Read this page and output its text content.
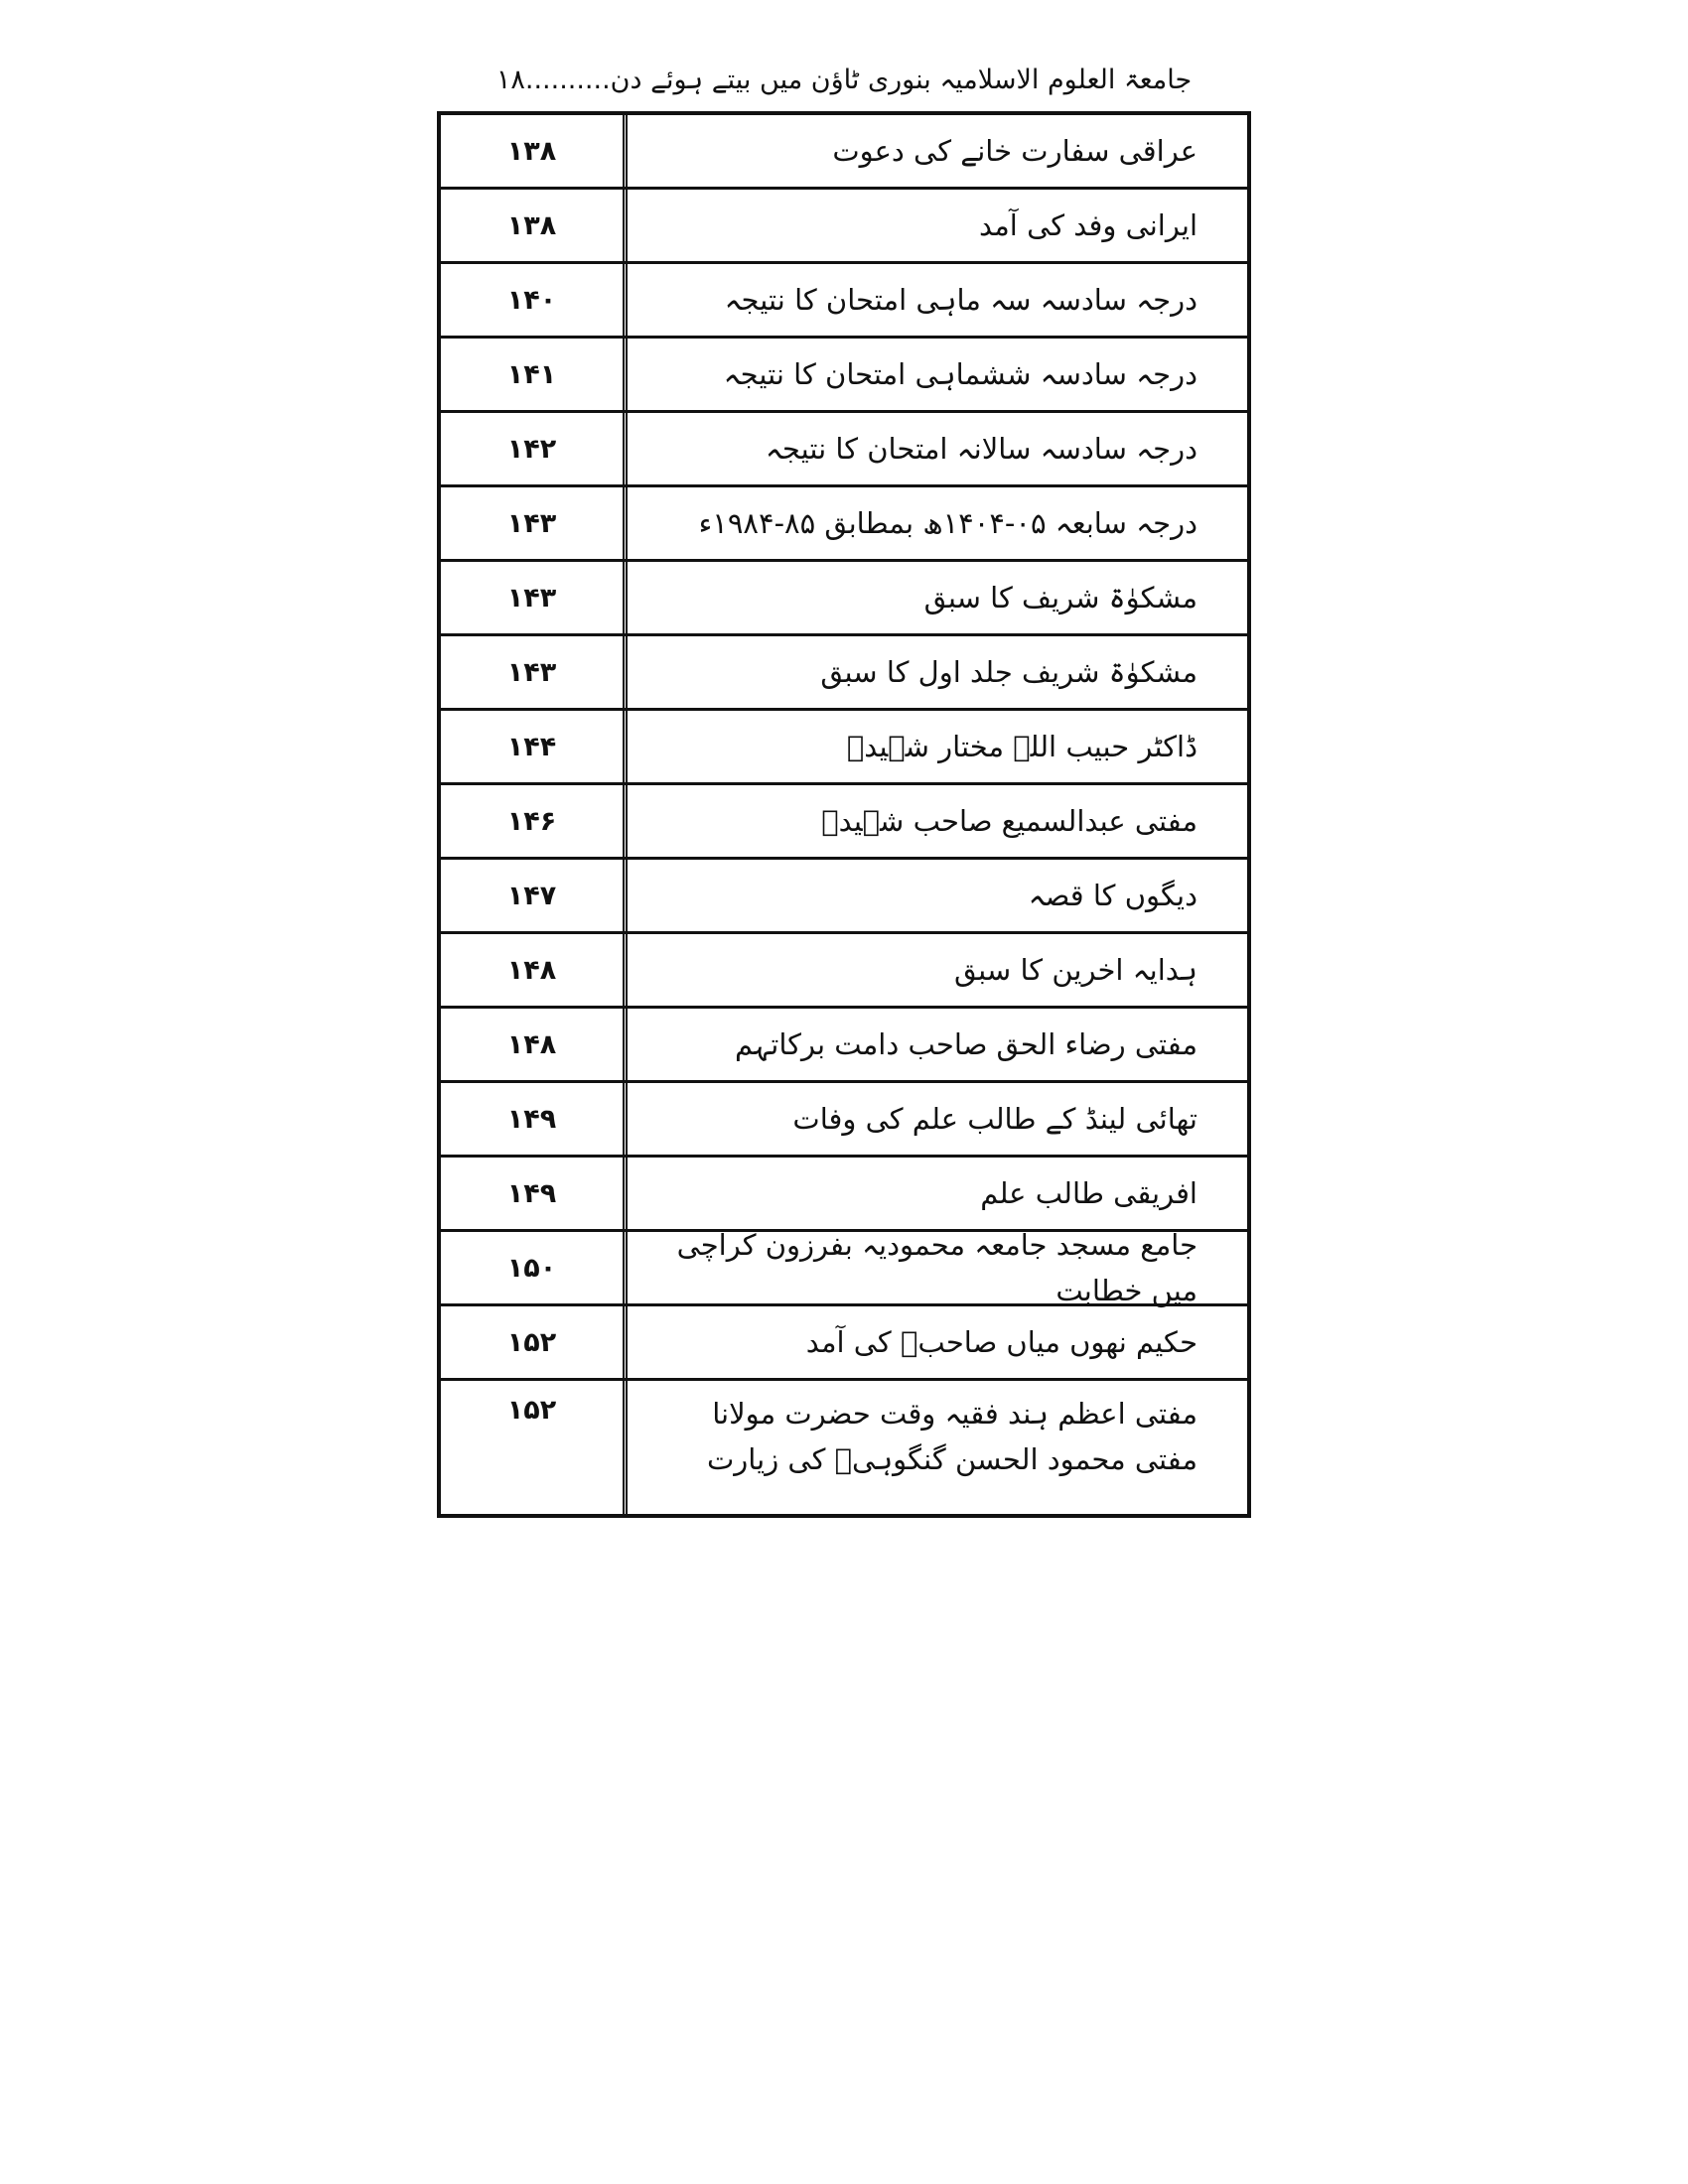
جامعۃ العلوم الاسلامیہ بنوری ٹاؤن میں بیتے ہوئے دن..........۱۸
عراقی سفارت خانے کی دعوت
۱۳۸
ایرانی وفد کی آمد
۱۳۸
درجہ سادسہ سہ ماہی امتحان کا نتیجہ
۱۴۰
درجہ سادسہ ششماہی امتحان کا نتیجہ
۱۴۱
درجہ سادسہ سالانہ امتحان کا نتیجہ
۱۴۲
درجہ سابعہ ۰۵-۱۴۰۴ھ بمطابق ۸۵-۱۹۸۴ء
۱۴۳
مشکوٰۃ شریف کا سبق
۱۴۳
مشکوٰۃ شریف جلد اول کا سبق
۱۴۳
ڈاکٹر حبیب اللہ مختار شہیدؒ
۱۴۴
مفتی عبدالسمیع صاحب شہیدؒ
۱۴۶
دیگوں کا قصہ
۱۴۷
ہدایہ اخرین کا سبق
۱۴۸
مفتی رضاء الحق صاحب دامت برکاتہم
۱۴۸
تھائی لینڈ کے طالب علم کی وفات
۱۴۹
افریقی طالب علم
۱۴۹
جامع مسجد جامعہ محمودیہ بفرزون کراچی میں خطابت
۱۵۰
حکیم نھوں میاں صاحبؒ کی آمد
۱۵۲
مفتی اعظم ہند فقیہ وقت حضرت مولانا مفتی محمود الحسن گنگوہیؒ کی زیارت
۱۵۲
